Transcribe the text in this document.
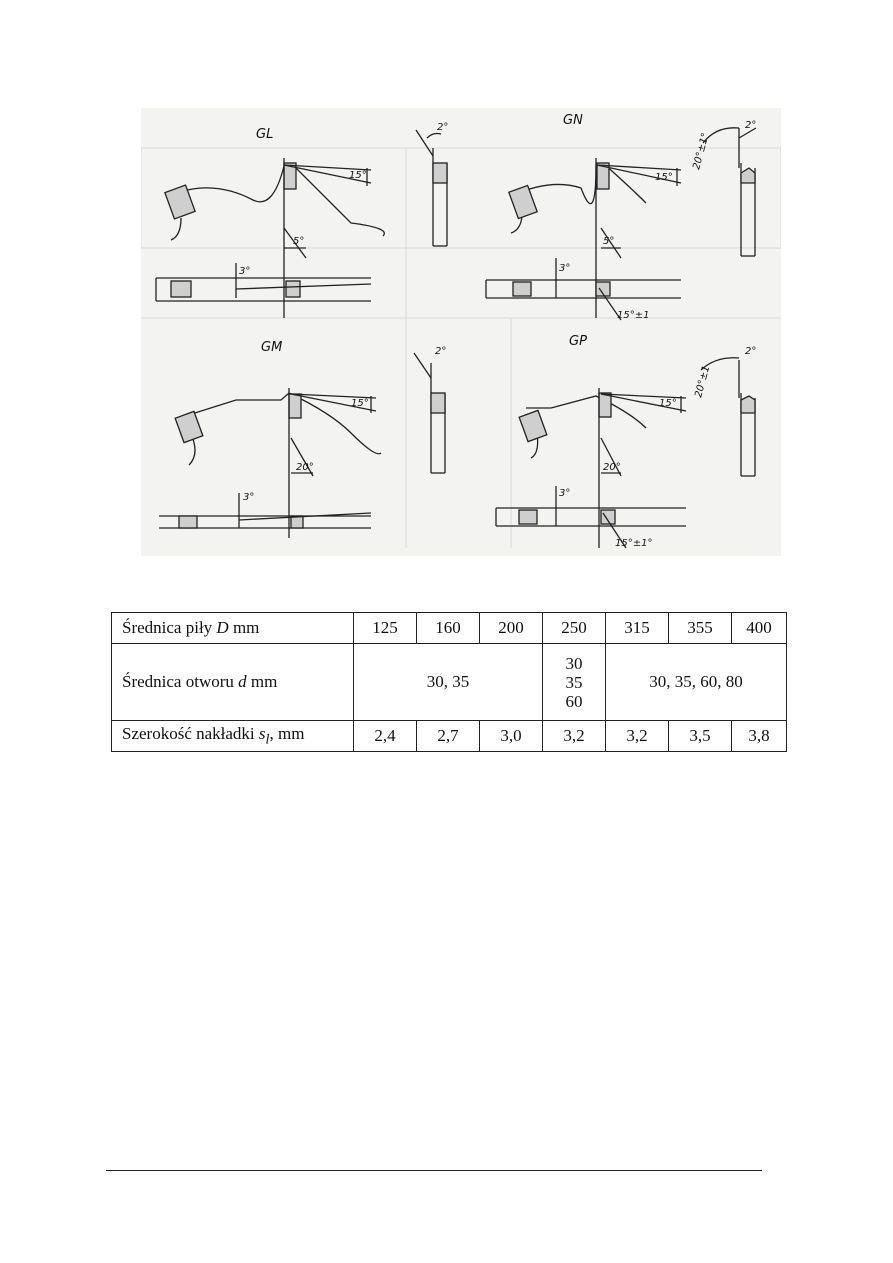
GL
15°
5°
3°
2°	GN
15°
5°
3°
2°
20°±1°
15°±1
GM
15°
20°
3°
2°
GP
15°
20°
3°
2°
20°±1
15°±1°
Średnica piły D mm	125	160	200	250	315	355	400
Średnica otworu d mm	30, 35			30
35
60	30, 35, 60, 80		
Szerokość nakładki $s_l$, mm	2,4	2,7	3,0	3,2	3,2	3,5	3,8
